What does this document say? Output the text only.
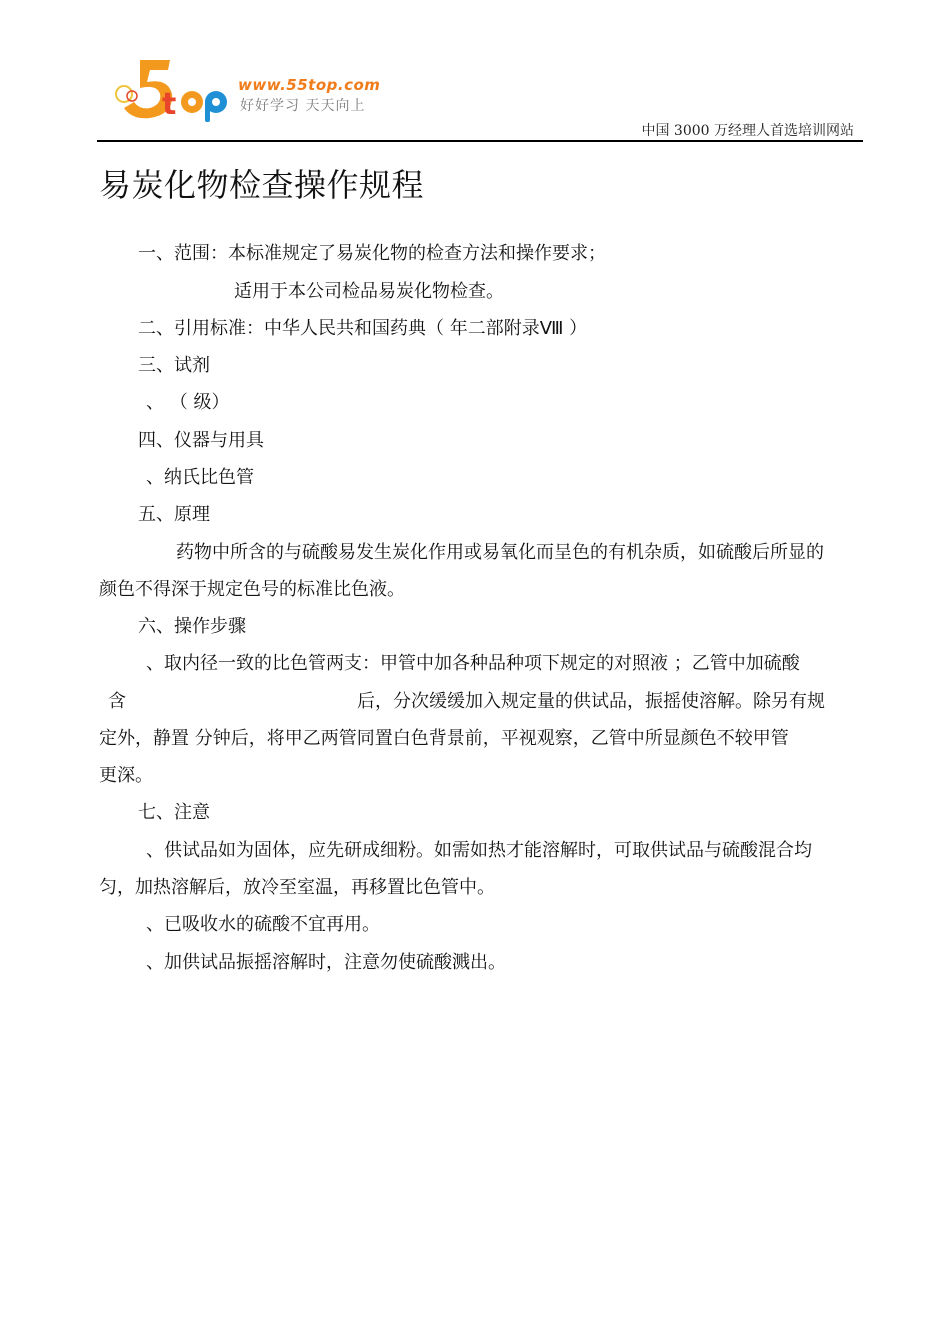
t
www.55top.com
好好学习 天天向上
中国 3000 万经理人首选培训网站
易炭化物检查操作规程
一、范围：本标准规定了易炭化物的检查方法和操作要求；
适用于本公司检品易炭化物检查。
二、引用标准：中华人民共和国药典（ 年二部附录Ⅷ ）
三、试剂
、 （ 级）
四、仪器与用具
、纳氏比色管
五、原理
药物中所含的与硫酸易发生炭化作用或易氧化而呈色的有机杂质，如硫酸后所显的
颜色不得深于规定色号的标准比色液。
六、操作步骤
、取内径一致的比色管两支：甲管中加各种品种项下规定的对照液 ；乙管中加硫酸
含	后，分次缓缓加入规定量的供试品，振摇使溶解。除另有规
定外，静置 分钟后，将甲乙两管同置白色背景前，平视观察，乙管中所显颜色不较甲管
更深。
七、注意
、供试品如为固体，应先研成细粉。如需如热才能溶解时，可取供试品与硫酸混合均
匀，加热溶解后，放冷至室温，再移置比色管中。
、已吸收水的硫酸不宜再用。
、加供试品振摇溶解时，注意勿使硫酸溅出。
